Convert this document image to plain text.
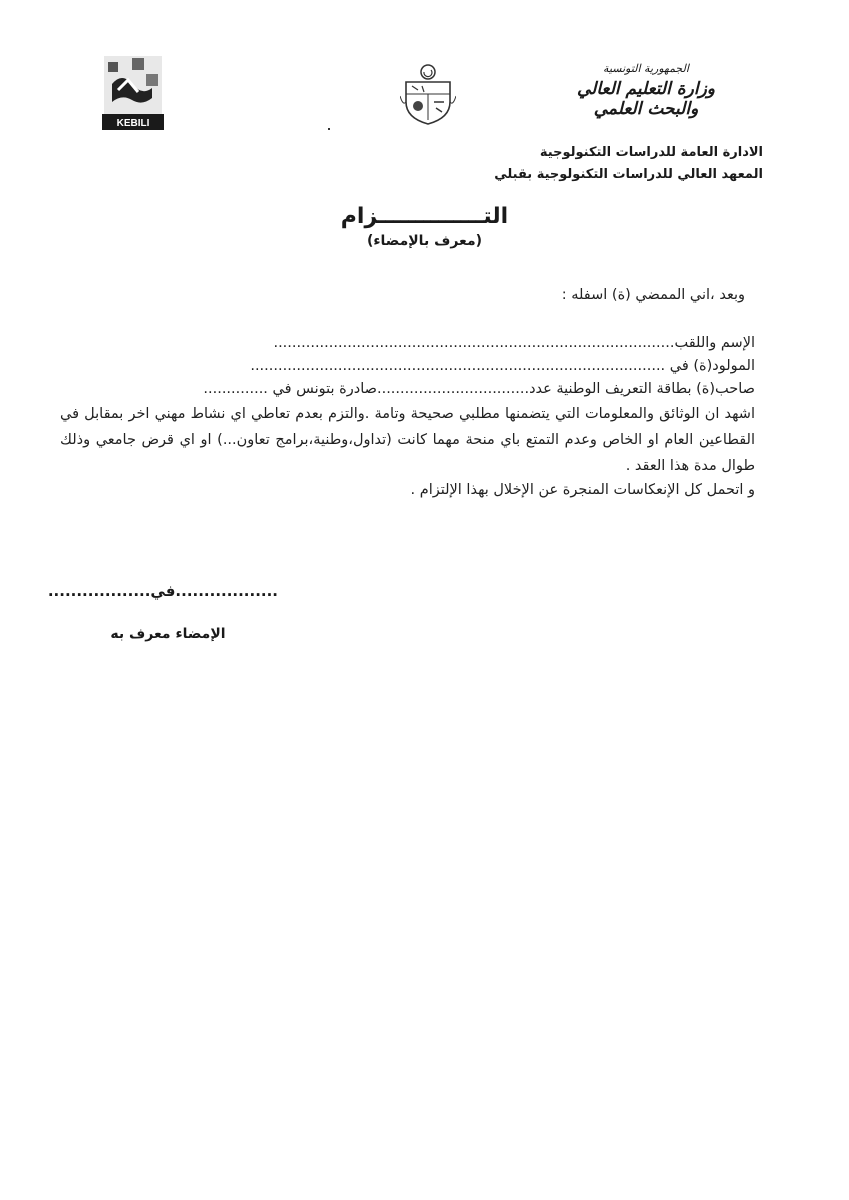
KEBILI
الجمهورية التونسية
وزارة التعليم العالي
والبحث العلمي
الادارة العامة للدراسات التكنولوجية
المعهد العالي للدراسات التكنولوجية بقبلي
التــــــــــــــزام
(معرف بالإمضاء)
وبعد ،اني الممضي (ة) اسفله :
الإسم واللقب.......................................................................................
المولود(ة) في ..........................................................................................
صاحب(ة) بطاقة التعريف الوطنية عدد.................................صادرة بتونس في ..............
اشهد ان الوثائق والمعلومات التي يتضمنها مطلبي صحيحة وتامة .والتزم بعدم تعاطي اي نشاط مهني اخر بمقابل في القطاعين العام او الخاص وعدم التمتع باي منحة مهما كانت (تداول،وطنية،برامج تعاون...) او اي قرض جامعي وذلك طوال مدة هذا العقد .
و اتحمل كل الإنعكاسات المنجرة عن الإخلال بهذا الإلتزام .
..................في..................
الإمضاء معرف به
